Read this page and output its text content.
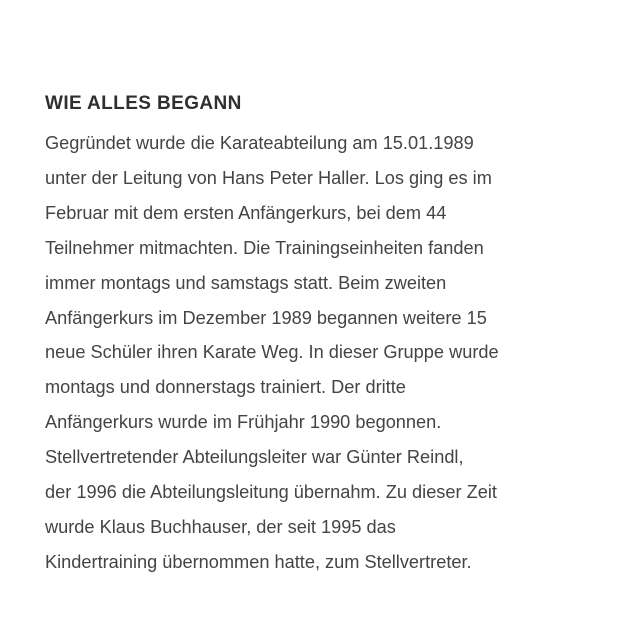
WIE ALLES BEGANN

Gegründet wurde die Karateabteilung am 15.01.1989
unter der Leitung von Hans Peter Haller. Los ging es im
Februar mit dem ersten Anfängerkurs, bei dem 44
Teilnehmer mitmachten. Die Trainingseinheiten fanden
immer montags und samstags statt. Beim zweiten
Anfängerkurs im Dezember 1989 begannen weitere 15
neue Schüler ihren Karate Weg. In dieser Gruppe wurde
montags und donnerstags trainiert. Der dritte
Anfängerkurs wurde im Frühjahr 1990 begonnen.
Stellvertretender Abteilungsleiter war Günter Reindl,
der 1996 die Abteilungsleitung übernahm. Zu dieser Zeit
wurde Klaus Buchhauser, der seit 1995 das
Kindertraining übernommen hatte, zum Stellvertreter.
